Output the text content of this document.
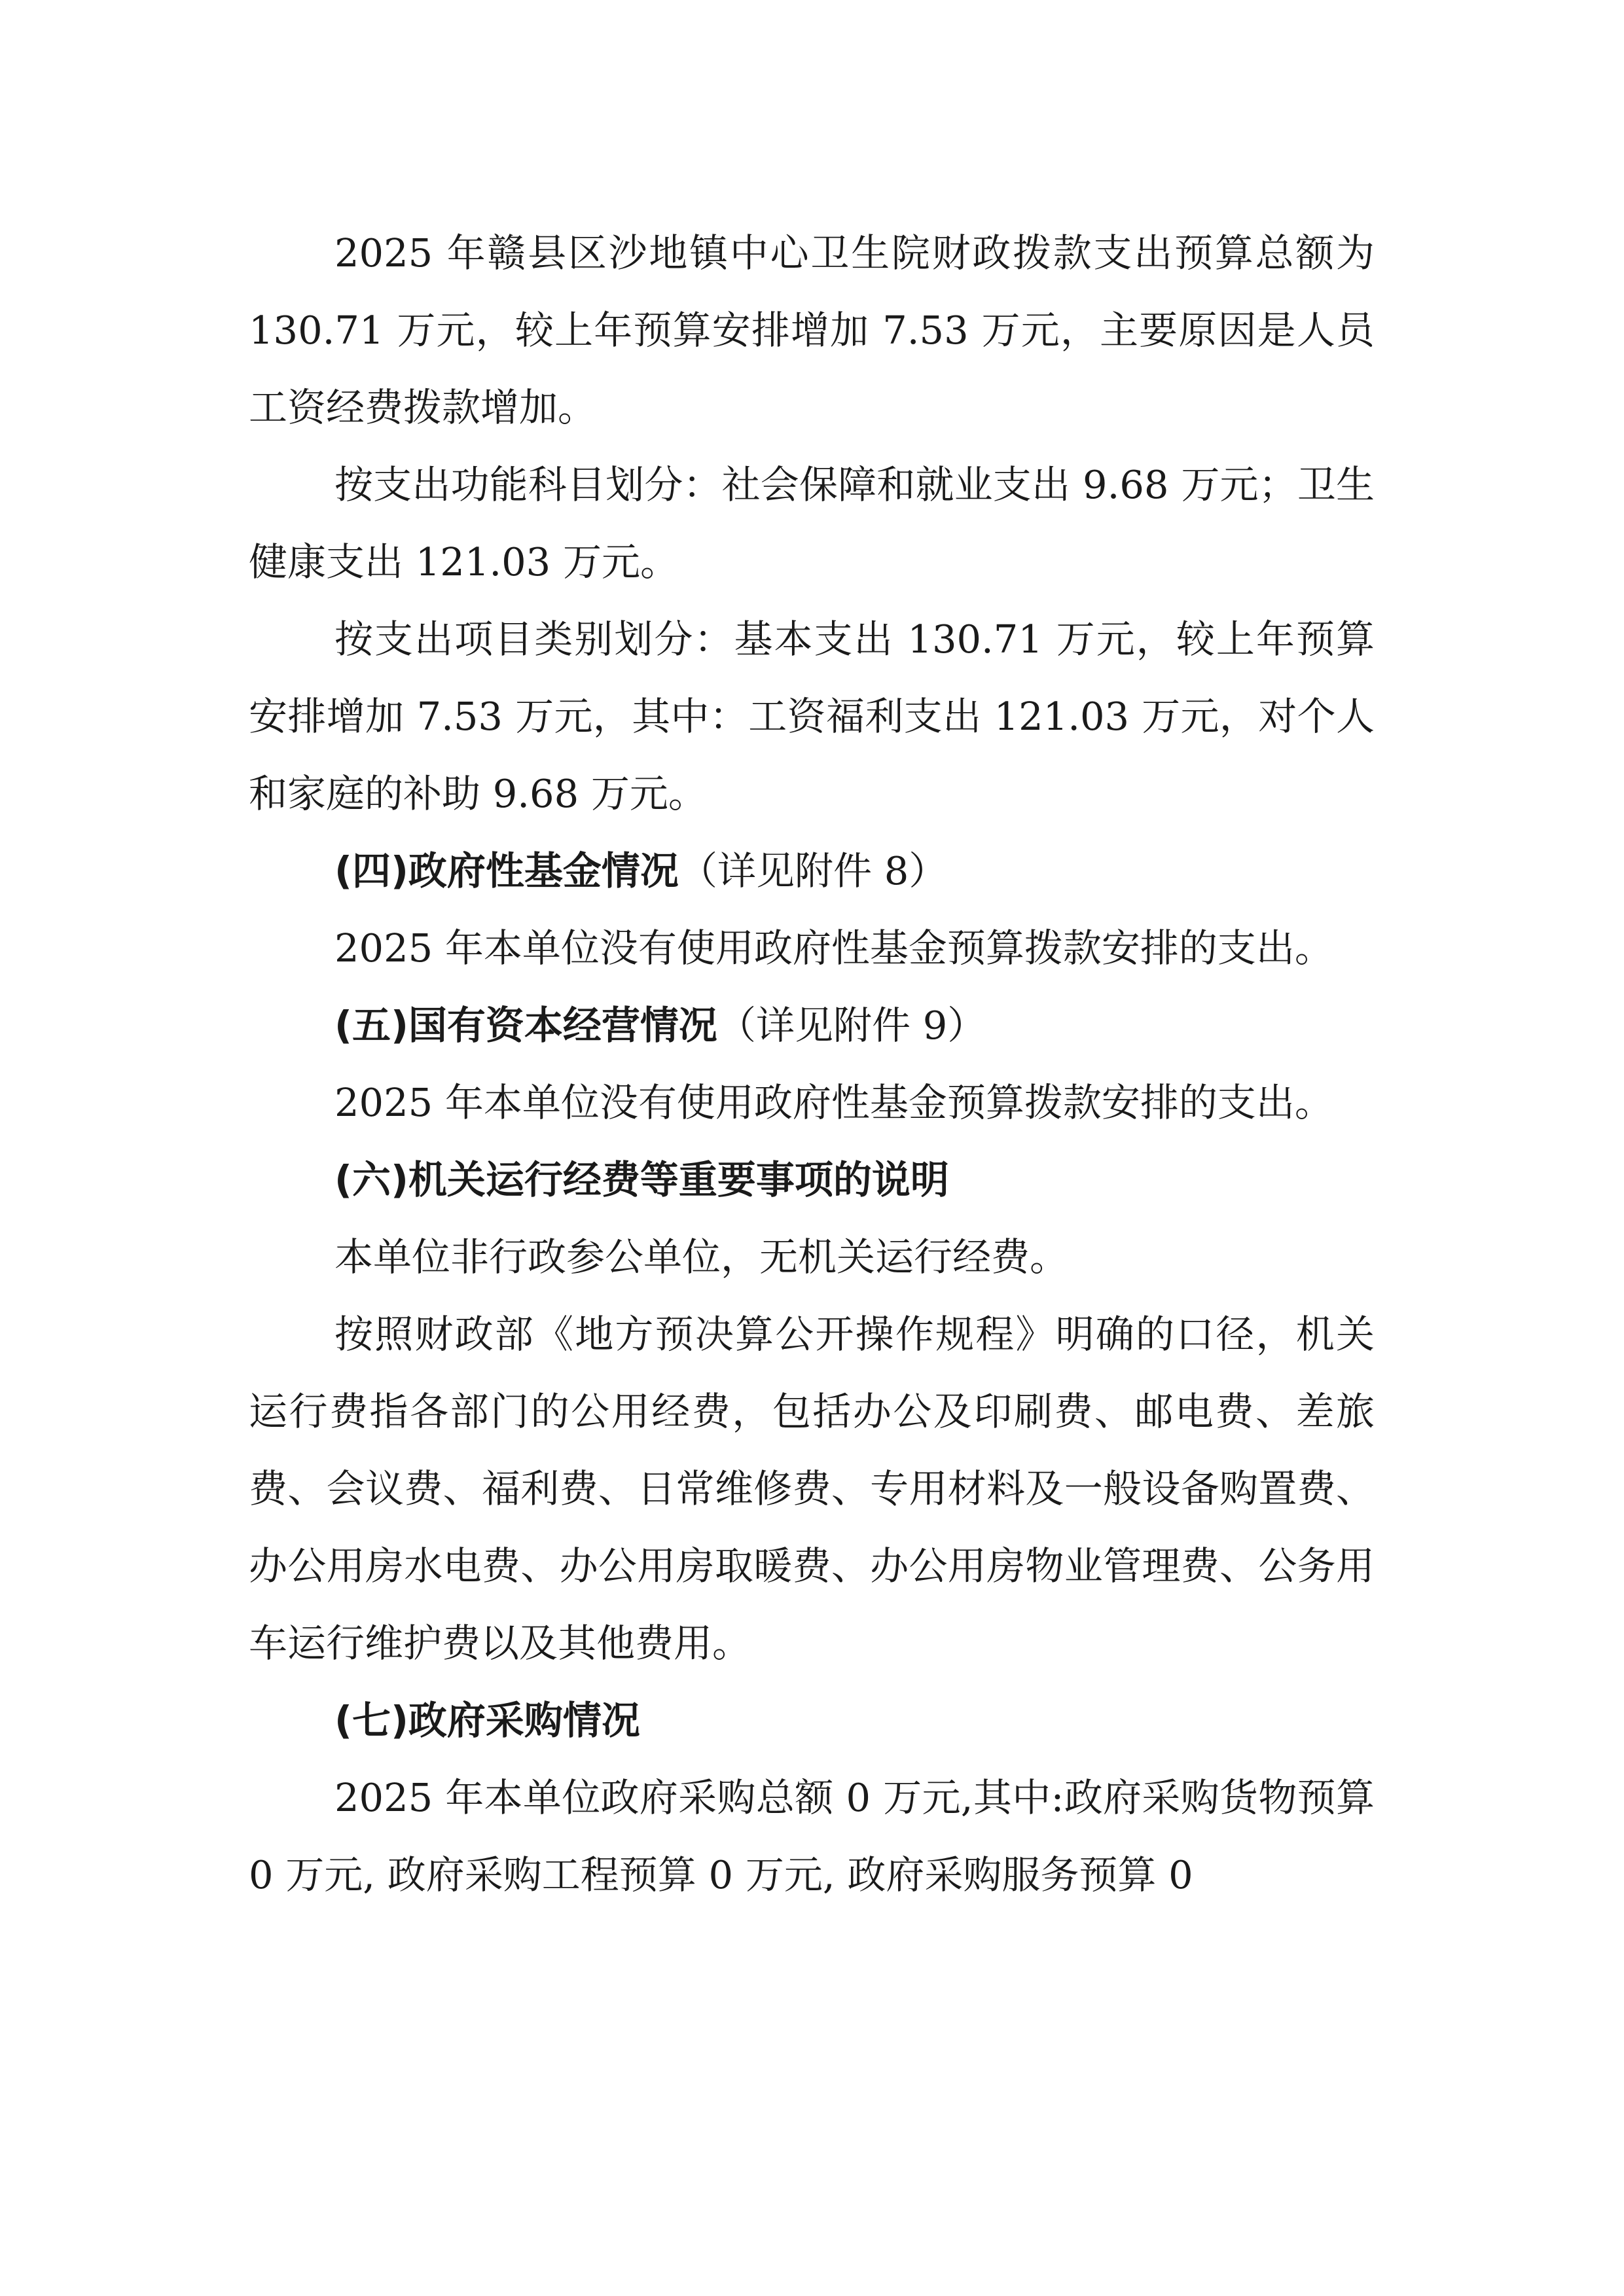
2025 年赣县区沙地镇中心卫生院财政拨款支出预算总额为 130.71 万元，较上年预算安排增加 7.53 万元，主要原因是人员工资经费拨款增加。

按支出功能科目划分：社会保障和就业支出 9.68 万元；卫生健康支出 121.03 万元。

按支出项目类别划分：基本支出 130.71 万元，较上年预算安排增加 7.53 万元，其中：工资福利支出 121.03 万元，对个人和家庭的补助 9.68 万元。

(四)政府性基金情况（详见附件 8）

2025 年本单位没有使用政府性基金预算拨款安排的支出。

(五)国有资本经营情况（详见附件 9）

2025 年本单位没有使用政府性基金预算拨款安排的支出。

(六)机关运行经费等重要事项的说明

本单位非行政参公单位，无机关运行经费。

按照财政部《地方预决算公开操作规程》明确的口径，机关运行费指各部门的公用经费，包括办公及印刷费、邮电费、差旅费、会议费、福利费、日常维修费、专用材料及一般设备购置费、办公用房水电费、办公用房取暖费、办公用房物业管理费、公务用车运行维护费以及其他费用。

(七)政府采购情况

2025 年本单位政府采购总额 0 万元,其中:政府采购货物预算 0 万元, 政府采购工程预算 0 万元, 政府采购服务预算 0
